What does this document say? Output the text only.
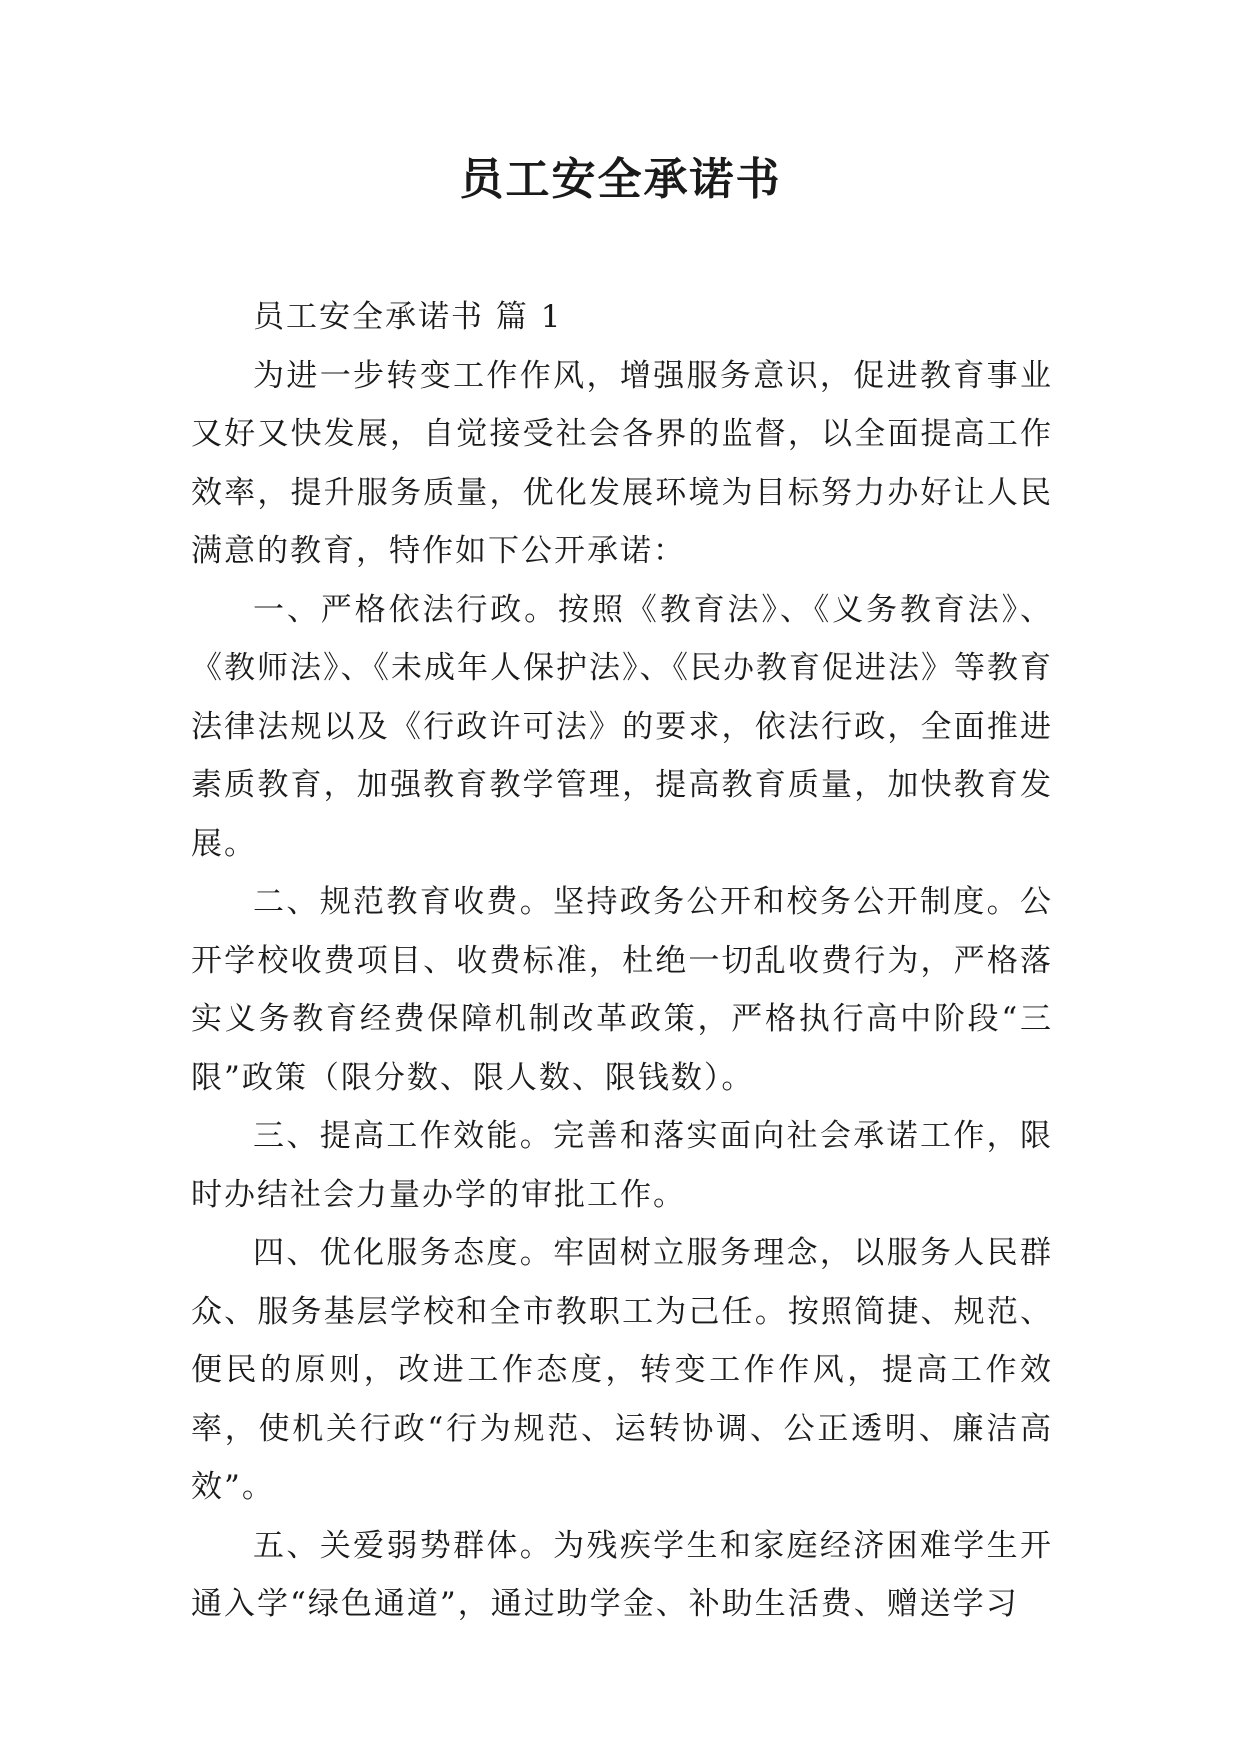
员工安全承诺书

员工安全承诺书 篇 1

为进一步转变工作作风，增强服务意识，促进教育事业又好又快发展，自觉接受社会各界的监督，以全面提高工作效率，提升服务质量，优化发展环境为目标努力办好让人民满意的教育，特作如下公开承诺：

一、严格依法行政。按照《教育法》、《义务教育法》、《教师法》、《未成年人保护法》、《民办教育促进法》等教育法律法规以及《行政许可法》的要求，依法行政，全面推进素质教育，加强教育教学管理，提高教育质量，加快教育发展。

二、规范教育收费。坚持政务公开和校务公开制度。公开学校收费项目、收费标准，杜绝一切乱收费行为，严格落实义务教育经费保障机制改革政策，严格执行高中阶段“三限”政策（限分数、限人数、限钱数）。

三、提高工作效能。完善和落实面向社会承诺工作，限时办结社会力量办学的审批工作。

四、优化服务态度。牢固树立服务理念，以服务人民群众、服务基层学校和全市教职工为己任。按照简捷、规范、便民的原则，改进工作态度，转变工作作风，提高工作效率，使机关行政“行为规范、运转协调、公正透明、廉洁高效”。

五、关爱弱势群体。为残疾学生和家庭经济困难学生开通入学“绿色通道”，通过助学金、补助生活费、赠送学习
